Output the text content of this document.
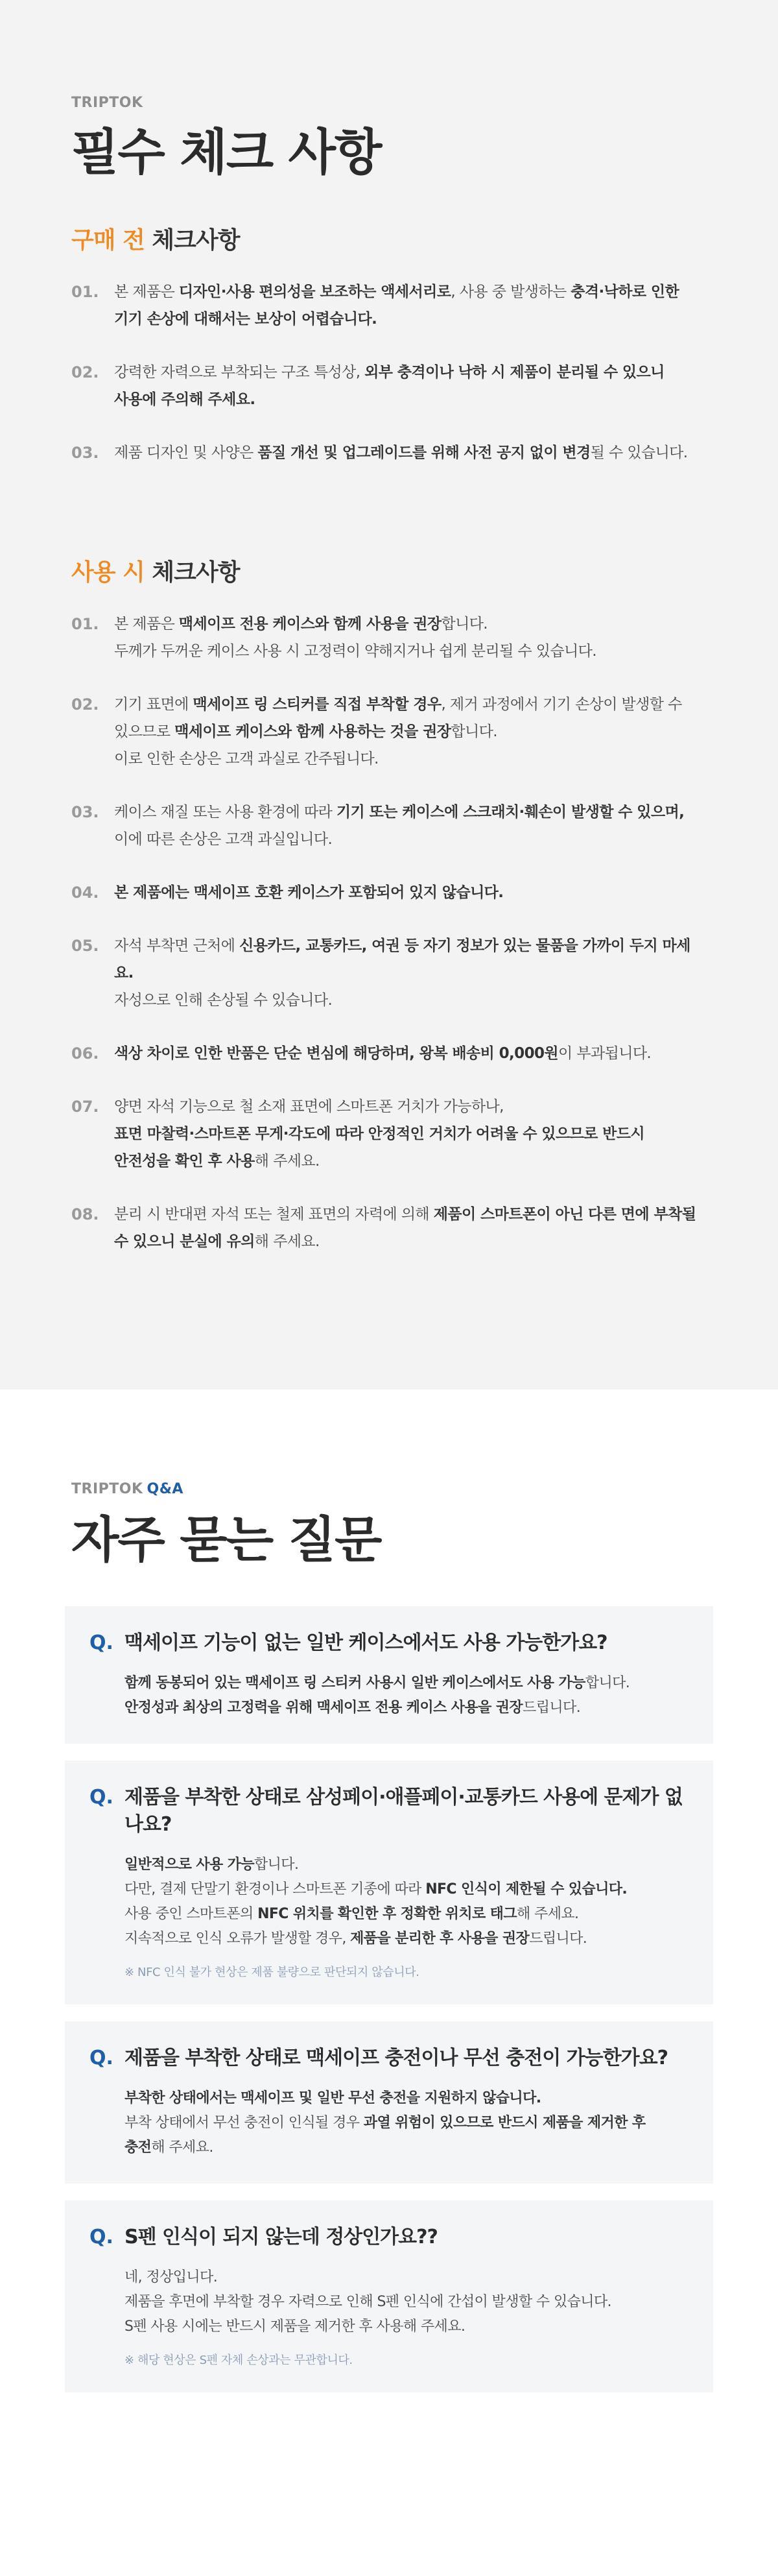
TRIPTOK
필수 체크 사항
구매 전 체크사항
01.	본 제품은 디자인·사용 편의성을 보조하는 액세서리로, 사용 중 발생하는 충격·낙하로 인한
기기 손상에 대해서는 보상이 어렵습니다.
02.	강력한 자력으로 부착되는 구조 특성상, 외부 충격이나 낙하 시 제품이 분리될 수 있으니
사용에 주의해 주세요.
03.	제품 디자인 및 사양은 품질 개선 및 업그레이드를 위해 사전 공지 없이 변경될 수 있습니다.
사용 시 체크사항
01.	본 제품은 맥세이프 전용 케이스와 함께 사용을 권장합니다.
두께가 두꺼운 케이스 사용 시 고정력이 약해지거나 쉽게 분리될 수 있습니다.
02.	기기 표면에 맥세이프 링 스티커를 직접 부착할 경우, 제거 과정에서 기기 손상이 발생할 수
있으므로 맥세이프 케이스와 함께 사용하는 것을 권장합니다.
이로 인한 손상은 고객 과실로 간주됩니다.
03.	케이스 재질 또는 사용 환경에 따라 기기 또는 케이스에 스크래치·훼손이 발생할 수 있으며,
이에 따른 손상은 고객 과실입니다.
04.	본 제품에는 맥세이프 호환 케이스가 포함되어 있지 않습니다.
05.	자석 부착면 근처에 신용카드, 교통카드, 여권 등 자기 정보가 있는 물품을 가까이 두지 마세요.
자성으로 인해 손상될 수 있습니다.
06.	색상 차이로 인한 반품은 단순 변심에 해당하며, 왕복 배송비 0,000원이 부과됩니다.
07.	양면 자석 기능으로 철 소재 표면에 스마트폰 거치가 가능하나,
표면 마찰력·스마트폰 무게·각도에 따라 안정적인 거치가 어려울 수 있으므로 반드시
안전성을 확인 후 사용해 주세요.
08.	분리 시 반대편 자석 또는 철제 표면의 자력에 의해 제품이 스마트폰이 아닌 다른 면에 부착될
수 있으니 분실에 유의해 주세요.
TRIPTOK Q&A
자주 묻는 질문
Q. 맥세이프 기능이 없는 일반 케이스에서도 사용 가능한가요?
함께 동봉되어 있는 맥세이프 링 스티커 사용시 일반 케이스에서도 사용 가능합니다.
안정성과 최상의 고정력을 위해 맥세이프 전용 케이스 사용을 권장드립니다.
Q. 제품을 부착한 상태로 삼성페이·애플페이·교통카드 사용에 문제가 없나요?
일반적으로 사용 가능합니다.
다만, 결제 단말기 환경이나 스마트폰 기종에 따라 NFC 인식이 제한될 수 있습니다.
사용 중인 스마트폰의 NFC 위치를 확인한 후 정확한 위치로 태그해 주세요.
지속적으로 인식 오류가 발생할 경우, 제품을 분리한 후 사용을 권장드립니다.
※ NFC 인식 불가 현상은 제품 불량으로 판단되지 않습니다.
Q. 제품을 부착한 상태로 맥세이프 충전이나 무선 충전이 가능한가요?
부착한 상태에서는 맥세이프 및 일반 무선 충전을 지원하지 않습니다.
부착 상태에서 무선 충전이 인식될 경우 과열 위험이 있으므로 반드시 제품을 제거한 후
충전해 주세요.
Q. S펜 인식이 되지 않는데 정상인가요??
네, 정상입니다.
제품을 후면에 부착할 경우 자력으로 인해 S펜 인식에 간섭이 발생할 수 있습니다.
S펜 사용 시에는 반드시 제품을 제거한 후 사용해 주세요.
※ 해당 현상은 S펜 자체 손상과는 무관합니다.
